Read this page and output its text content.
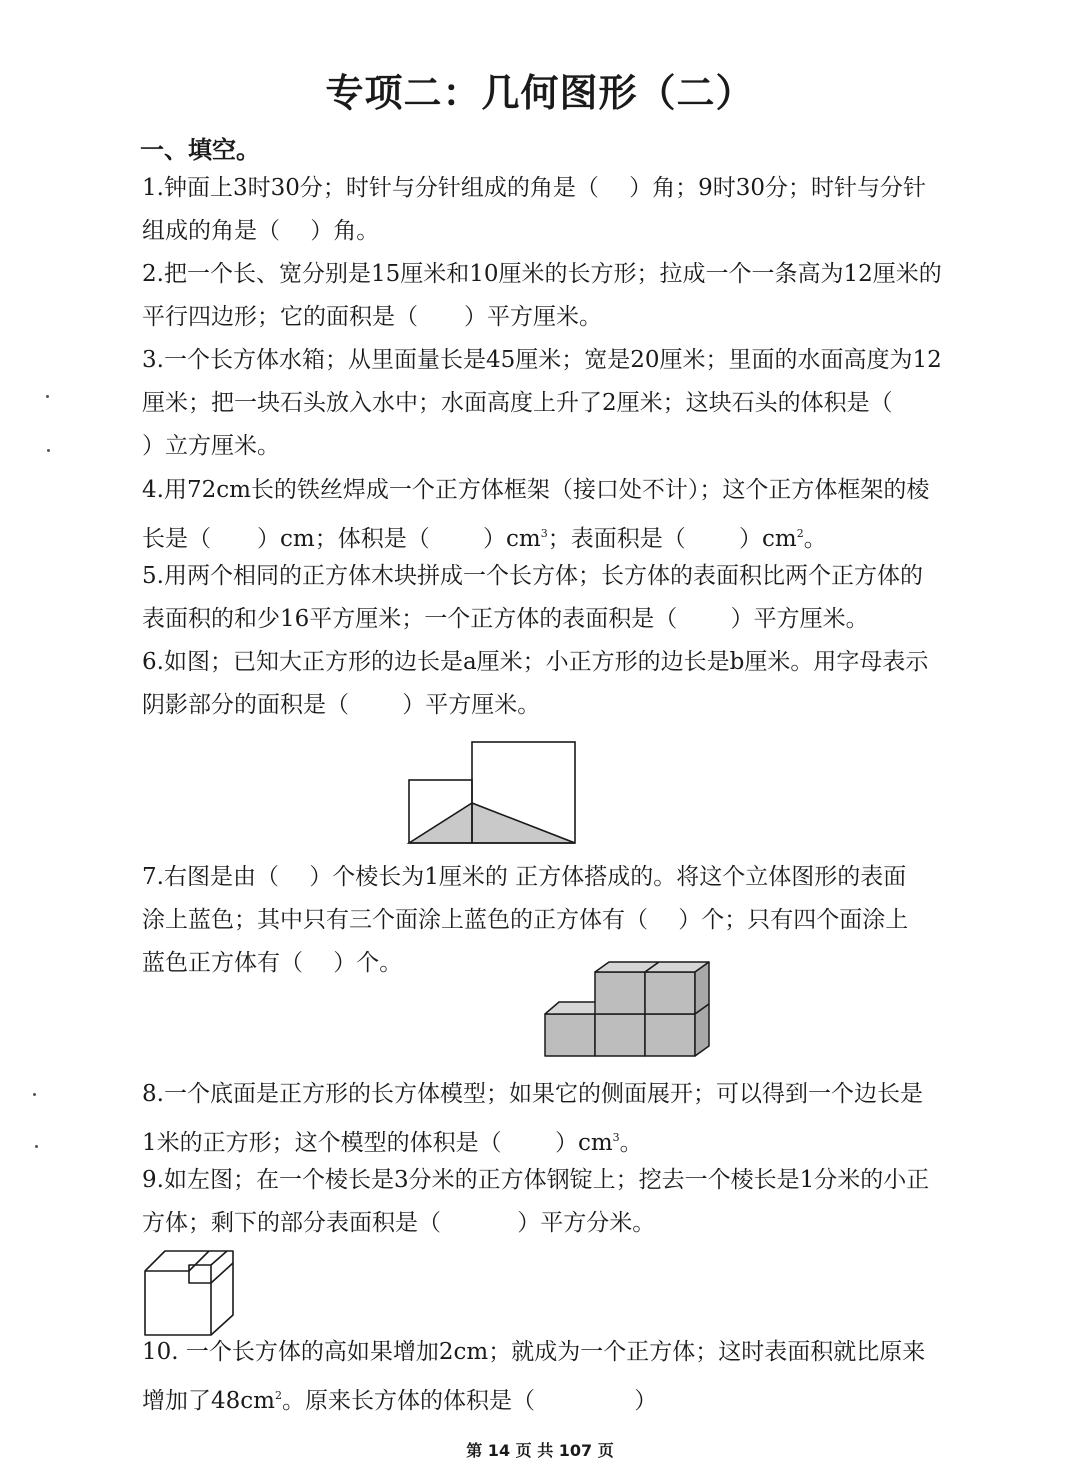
专项二：几何图形（二）
一、填空。

1.钟面上3时30分；时针与分针组成的角是（　 ）角；9时30分；时针与分针

组成的角是（　 ）角。

2.把一个长、宽分别是15厘米和10厘米的长方形；拉成一个一条高为12厘米的

平行四边形；它的面积是（　　）平方厘米。

3.一个长方体水箱；从里面量长是45厘米；宽是20厘米；里面的水面高度为12

厘米；把一块石头放入水中；水面高度上升了2厘米；这块石头的体积是（

）立方厘米。

4.用72cm长的铁丝焊成一个正方体框架（接口处不计）；这个正方体框架的棱

长是（　　）cm；体积是（　　 ）$cm^3$；表面积是（　　 ）$cm^2$。

5.用两个相同的正方体木块拼成一个长方体；长方体的表面积比两个正方体的

表面积的和少16平方厘米；一个正方体的表面积是（　　 ）平方厘米。

6.如图；已知大正方形的边长是a厘米；小正方形的边长是b厘米。用字母表示

阴影部分的面积是（　　 ）平方厘米。

7.右图是由（　 ）个棱长为1厘米的 正方体搭成的。将这个立体图形的表面

涂上蓝色；其中只有三个面涂上蓝色的正方体有（　 ）个；只有四个面涂上

蓝色正方体有（　 ）个。

8.一个底面是正方形的长方体模型；如果它的侧面展开；可以得到一个边长是

1米的正方形；这个模型的体积是（　　 ）$cm^3$。

9.如左图；在一个棱长是3分米的正方体钢锭上；挖去一个棱长是1分米的小正

方体；剩下的部分表面积是（　　　 ）平方分米。

10. 一个长方体的高如果增加2cm；就成为一个正方体；这时表面积就比原来

增加了$48cm^2$。原来长方体的体积是（　　　　 ）

第 14 页 共 107 页
